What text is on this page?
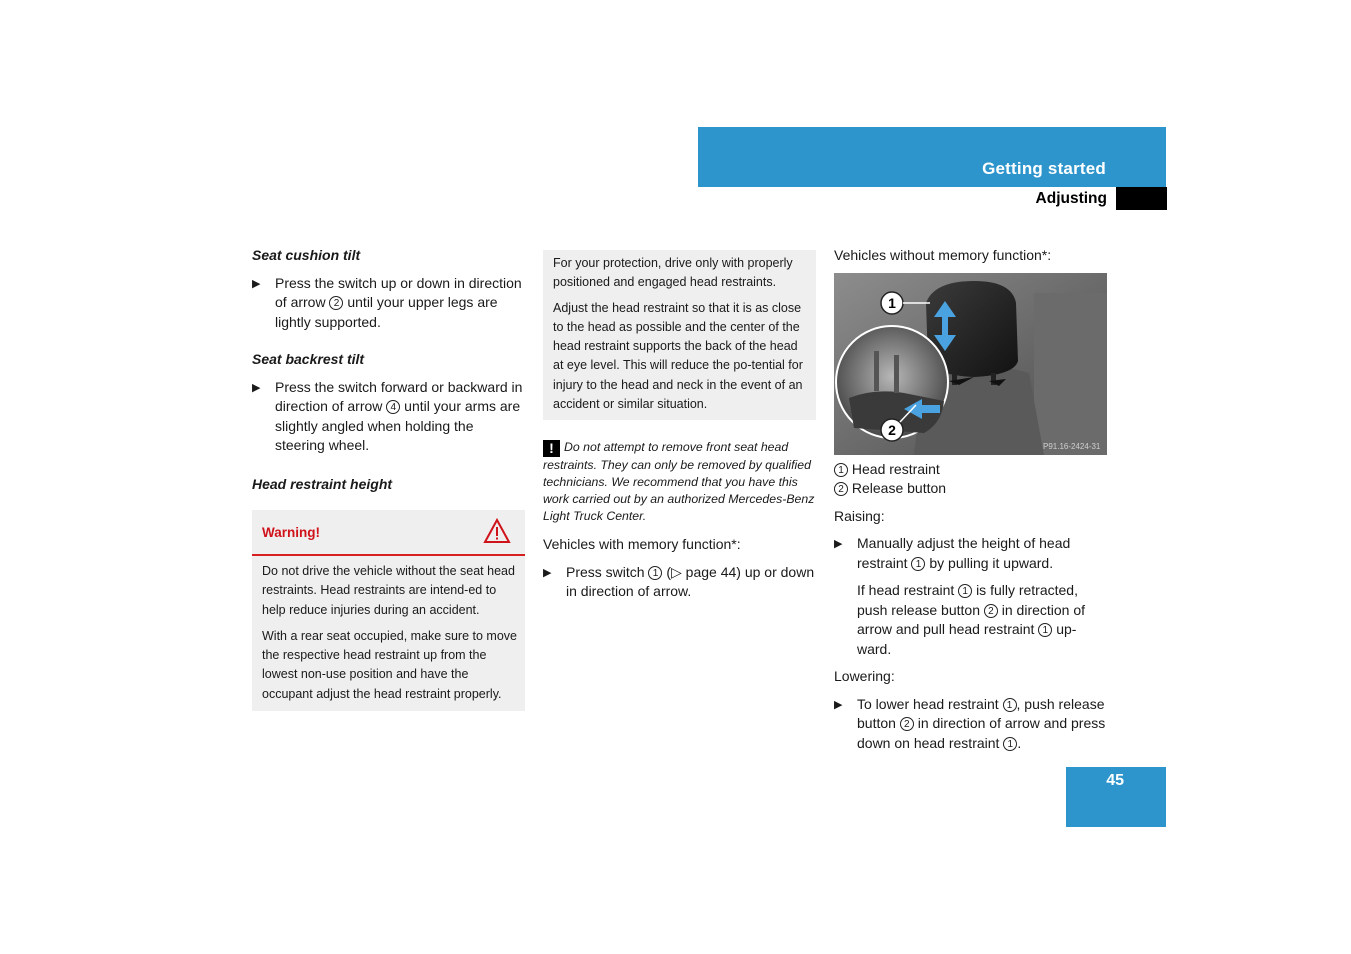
Getting started
Adjusting
Seat cushion tilt
▶ Press the switch up or down in direction of arrow 2 until your upper legs are lightly supported.
Seat backrest tilt
▶ Press the switch forward or backward in direction of arrow 4 until your arms are slightly angled when holding the steering wheel.
Head restraint height
Warning!

Do not drive the vehicle without the seat head restraints. Head restraints are intend-ed to help reduce injuries during an accident.

With a rear seat occupied, make sure to move the respective head restraint up from the lowest non-use position and have the occupant adjust the head restraint properly.

For your protection, drive only with properly positioned and engaged head restraints.

Adjust the head restraint so that it is as close to the head as possible and the center of the head restraint supports the back of the head at eye level. This will reduce the po-tential for injury to the head and neck in the event of an accident or similar situation.

! Do not attempt to remove front seat head restraints. They can only be removed by qualified technicians. We recommend that you have this work carried out by an authorized Mercedes-Benz Light Truck Center.
Vehicles with memory function*:
▶ Press switch 1 (▷ page 44) up or down in direction of arrow.
Vehicles without memory function*:
1
2
P91.16-2424-31
1 Head restraint
2 Release button
Raising:
▶ Manually adjust the height of head restraint 1 by pulling it upward.
If head restraint 1 is fully retracted, push release button 2 in direction of arrow and pull head restraint 1 up-ward.
Lowering:
▶ To lower head restraint 1 , push release button 2 in direction of arrow and press down on head restraint 1 .
45
